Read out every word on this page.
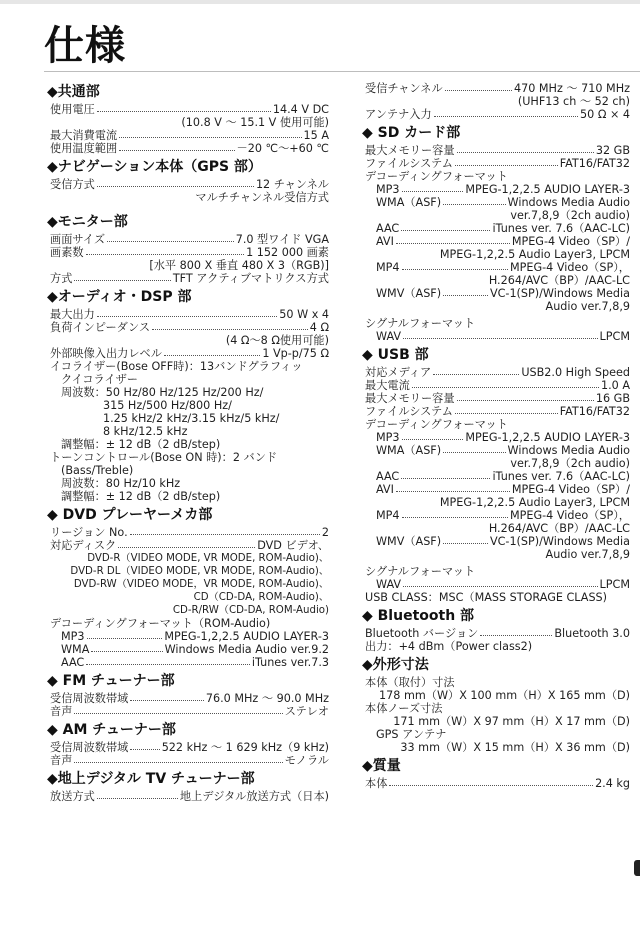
仕様
◆共通部
使用電圧	14.4 V DC
(10.8 V ～ 15.1 V 使用可能)
最大消費電流	15 A
使用温度範囲	－20 ℃～+60 ℃
◆ナビゲーション本体（GPS 部）
受信方式	12 チャンネル
マルチチャンネル受信方式
◆モニター部
画面サイズ	7.0 型ワイド VGA
画素数	1 152 000 画素
[水平 800 X 垂直 480 X 3（RGB)]
方式	TFT アクティブマトリクス方式
◆オーディオ・DSP 部
最大出力	50 W x 4
負荷インピーダンス	4 Ω
(4 Ω～8 Ω使用可能)
外部映像入出力レベル	1 Vp-p/75 Ω
イコライザー(Bose OFF時)：13バンドグラフィッ
クイコライザー
周波数：50 Hz/80 Hz/125 Hz/200 Hz/
315 Hz/500 Hz/800 Hz/
1.25 kHz/2 kHz/3.15 kHz/5 kHz/
8 kHz/12.5 kHz
調整幅：± 12 dB（2 dB/step)
トーンコントロール(Bose ON 時)：2 バンド
(Bass/Treble)
周波数：80 Hz/10 kHz
調整幅：± 12 dB（2 dB/step)
◆ DVD プレーヤーメカ部
リージョン No.	2
対応ディスク	DVD ビデオ、
DVD-R（VIDEO MODE, VR MODE, ROM-Audio)、
DVD-R DL（VIDEO MODE, VR MODE, ROM-Audio)、
DVD-RW（VIDEO MODE，VR MODE, ROM-Audio)、
CD（CD-DA, ROM-Audio)、
CD-R/RW（CD-DA, ROM-Audio)
デコーディングフォーマット（ROM-Audio)
MP3	MPEG-1,2,2.5 AUDIO LAYER-3
WMA	Windows Media Audio ver.9.2
AAC	iTunes ver.7.3
◆ FM チューナー部
受信周波数帯域	76.0 MHz ～ 90.0 MHz
音声	ステレオ
◆ AM チューナー部
受信周波数帯域	522 kHz ～ 1 629 kHz（9 kHz)
音声	モノラル
◆地上デジタル TV チューナー部
放送方式	地上デジタル放送方式（日本)
受信チャンネル	470 MHz ～ 710 MHz
(UHF13 ch ～ 52 ch)
アンテナ入力	50 Ω × 4
◆ SD カード部
最大メモリー容量	32 GB
ファイルシステム	FAT16/FAT32
デコーディングフォーマット
MP3	MPEG-1,2,2.5 AUDIO LAYER-3
WMA（ASF)	Windows Media Audio
ver.7,8,9（2ch audio)
AAC	iTunes ver. 7.6（AAC-LC)
AVI	MPEG-4 Video（SP）/
MPEG-1,2,2.5 Audio Layer3, LPCM
MP4	MPEG-4 Video（SP），
H.264/AVC（BP）/AAC-LC
WMV（ASF)	VC-1(SP)/Windows Media
Audio ver.7,8,9
シグナルフォーマット
WAV	LPCM
◆ USB 部
対応メディア	USB2.0 High Speed
最大電流	1.0 A
最大メモリー容量	16 GB
ファイルシステム	FAT16/FAT32
デコーディングフォーマット
MP3	MPEG-1,2,2.5 AUDIO LAYER-3
WMA（ASF)	Windows Media Audio
ver.7,8,9（2ch audio)
AAC	iTunes ver. 7.6（AAC-LC)
AVI	MPEG-4 Video（SP）/
MPEG-1,2,2.5 Audio Layer3, LPCM
MP4	MPEG-4 Video（SP），
H.264/AVC（BP）/AAC-LC
WMV（ASF)	VC-1(SP)/Windows Media
Audio ver.7,8,9
シグナルフォーマット
WAV	LPCM
USB CLASS：MSC（MASS STORAGE CLASS)
◆ Bluetooth 部
Bluetooth バージョン	Bluetooth 3.0
出力：+4 dBm（Power class2)
◆外形寸法
本体（取付）寸法
178 mm（W）X 100 mm（H）X 165 mm（D)
本体ノーズ寸法
171 mm（W）X 97 mm（H）X 17 mm（D)
GPS アンテナ
33 mm（W）X 15 mm（H）X 36 mm（D)
◆質量
本体	2.4 kg
